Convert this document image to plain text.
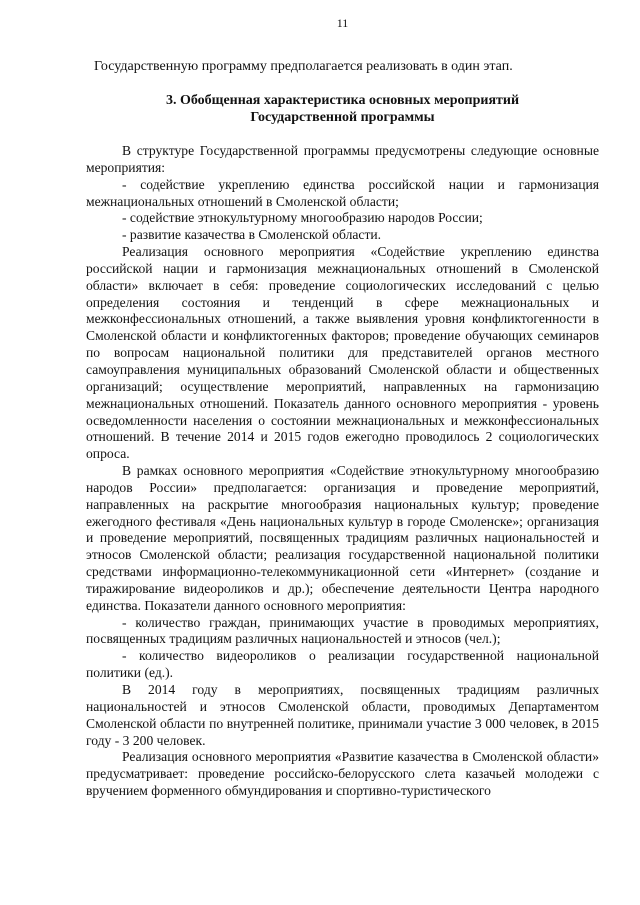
11
Государственную программу предполагается реализовать в один этап.
3. Обобщенная характеристика основных мероприятий
Государственной программы

В структуре Государственной программы предусмотрены следующие основные мероприятия:

- содействие укреплению единства российской нации и гармонизация межнациональных отношений в Смоленской области;

- содействие этнокультурному многообразию народов России;

- развитие казачества в Смоленской области.

Реализация основного мероприятия «Содействие укреплению единства российской нации и гармонизация межнациональных отношений в Смоленской области» включает в себя: проведение социологических исследований с целью определения состояния и тенденций в сфере межнациональных и межконфессиональных отношений, а также выявления уровня конфликтогенности в Смоленской области и конфликтогенных факторов; проведение обучающих семинаров по вопросам национальной политики для представителей органов местного самоуправления муниципальных образований Смоленской области и общественных организаций; осуществление мероприятий, направленных на гармонизацию межнациональных отношений. Показатель данного основного мероприятия - уровень осведомленности населения о состоянии межнациональных и межконфессиональных отношений. В течение 2014 и 2015 годов ежегодно проводилось 2 социологических опроса.

В рамках основного мероприятия «Содействие этнокультурному многообразию народов России» предполагается: организация и проведение мероприятий, направленных на раскрытие многообразия национальных культур; проведение ежегодного фестиваля «День национальных культур в городе Смоленске»; организация и проведение мероприятий, посвященных традициям различных национальностей и этносов Смоленской области; реализация государственной национальной политики средствами информационно-телекоммуникационной сети «Интернет» (создание и тиражирование видеороликов и др.); обеспечение деятельности Центра народного единства. Показатели данного основного мероприятия:

- количество граждан, принимающих участие в проводимых мероприятиях, посвященных традициям различных национальностей и этносов (чел.);

- количество видеороликов о реализации государственной национальной политики (ед.).

В 2014 году в мероприятиях, посвященных традициям различных национальностей и этносов Смоленской области, проводимых Департаментом Смоленской области по внутренней политике, принимали участие 3 000 человек, в 2015 году - 3 200 человек.

Реализация основного мероприятия «Развитие казачества в Смоленской области» предусматривает: проведение российско-белорусского слета казачьей молодежи с вручением форменного обмундирования и спортивно-туристического
